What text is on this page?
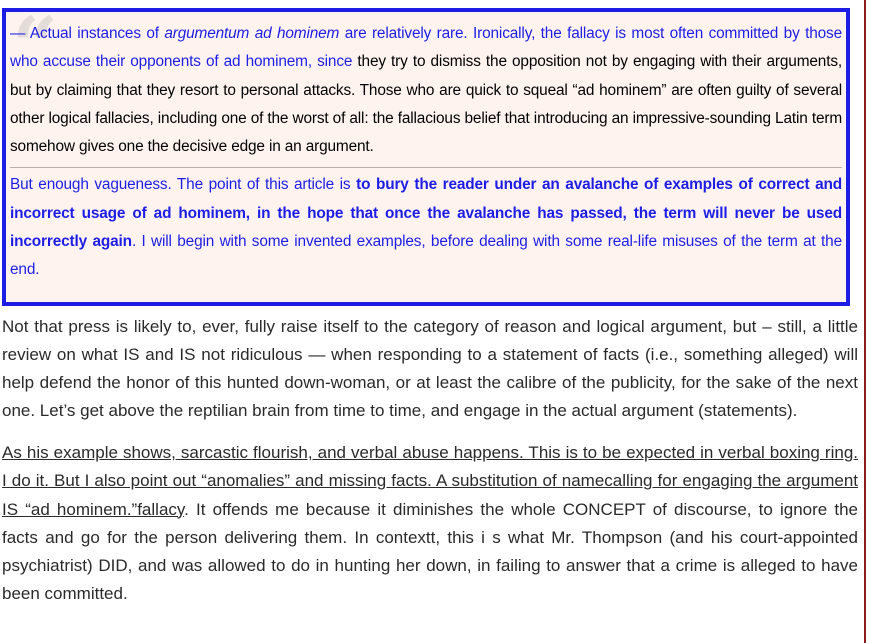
“

— Actual instances of argumentum ad hominem are relatively rare. Ironically, the fallacy is most often committed by those who accuse their opponents of ad hominem, since they try to dismiss the opposition not by engaging with their arguments, but by claiming that they resort to personal attacks. Those who are quick to squeal “ad hominem” are often guilty of several other logical fallacies, including one of the worst of all: the fallacious belief that introducing an impressive-sounding Latin term somehow gives one the decisive edge in an argument.

But enough vagueness. The point of this article is to bury the reader under an avalanche of examples of correct and incorrect usage of ad hominem, in the hope that once the avalanche has passed, the term will never be used incorrectly again. I will begin with some invented examples, before dealing with some real-life misuses of the term at the end.

Not that press is likely to, ever, fully raise itself to the category of reason and logical argument, but – still, a little review on what IS and IS not ridiculous — when responding to a statement of facts (i.e., something alleged) will help defend the honor of this hunted down-woman, or at least the calibre of the publicity, for the sake of the next one. Let’s get above the reptilian brain from time to time, and engage in the actual argument (statements).

As his example shows, sarcastic flourish, and verbal abuse happens. This is to be expected in verbal boxing ring. I do it. But I also point out “anomalies” and missing facts. A substitution of namecalling for engaging the argument IS “ad hominem.”fallacy. It offends me because it diminishes the whole CONCEPT of discourse, to ignore the facts and go for the person delivering them. In contextt, this i s what Mr. Thompson (and his court-appointed psychiatrist) DID, and was allowed to do in hunting her down, in failing to answer that a crime is alleged to have been committed.
